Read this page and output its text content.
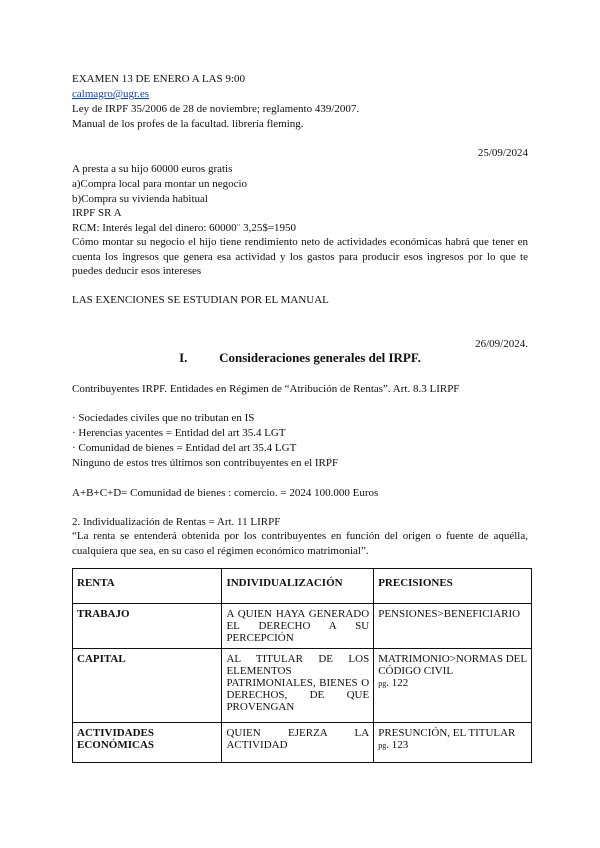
EXAMEN 13 DE ENERO A LAS 9:00
calmagro@ugr.es
Ley de IRPF 35/2006 de 28 de noviembre; reglamento 439/2007.
Manual de los profes de la facultad. librería fleming.
25/09/2024
A presta a su hijo 60000 euros gratis
a)Compra local para montar un negocio
b)Compra su vivienda habitual
IRPF SR A
RCM: Interés legal del dinero: 60000¨ 3,25$=1950
Cómo montar su negocio el hijo tiene rendimiento neto de actividades económicas habrá que tener en cuenta los ingresos que genera esa actividad y los gastos para producir esos ingresos por lo que te puedes deducir esos intereses
LAS EXENCIONES SE ESTUDIAN POR EL MANUAL
26/09/2024.
I. Consideraciones generales del IRPF.
Contribuyentes IRPF. Entidades en Régimen de “Atribución de Rentas”. Art. 8.3 LIRPF
· Sociedades civiles que no tributan en IS
· Herencias yacentes = Entidad del art 35.4 LGT
· Comunidad de bienes = Entidad del art 35.4 LGT
Ninguno de estos tres últimos son contribuyentes en el IRPF
A+B+C+D= Comunidad de bienes : comercio. = 2024 100.000 Euros
2. Individualización de Rentas = Art. 11 LIRPF
“La renta se entenderá obtenida por los contribuyentes en función del origen o fuente de aquélla, cualquiera que sea, en su caso el régimen económico matrimonial”.
RENTA	INDIVIDUALIZACIÓN	PRECISIONES
TRABAJO	A QUIEN HAYA GENERADO EL DERECHO A SU PERCEPCIÓN	PENSIONES>BENEFICIARIO
CAPITAL	AL TITULAR DE LOS ELEMENTOS PATRIMONIALES, BIENES O DERECHOS, DE QUE PROVENGAN	MATRIMONIO>NORMAS DEL CÓDIGO CIVIL
pg. 122
ACTIVIDADES ECONÓMICAS	QUIEN EJERZA LA ACTIVIDAD	PRESUNCIÓN, EL TITULAR
pg. 123
